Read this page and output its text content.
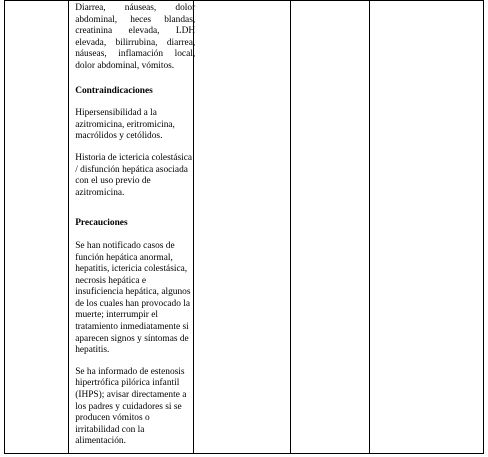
Diarrea, náuseas, dolor abdominal, heces blandas, creatinina elevada, LDH elevada, bilirrubina, diarrea, náuseas, inflamación local, dolor abdominal, vómitos.

Contraindicaciones

Hipersensibilidad a la azitromicina, eritromicina, macrólidos y cetólidos.

Historia de ictericia colestásica / disfunción hepática asociada con el uso previo de azitromicina.

Precauciones

Se han notificado casos de función hepática anormal, hepatitis, ictericia colestásica, necrosis hepática e insuficiencia hepática, algunos de los cuales han provocado la muerte; interrumpir el tratamiento inmediatamente si aparecen signos y síntomas de hepatitis.

Se ha informado de estenosis hipertrófica pilórica infantil (IHPS); avisar directamente a los padres y cuidadores si se producen vómitos o irritabilidad con la alimentación.
